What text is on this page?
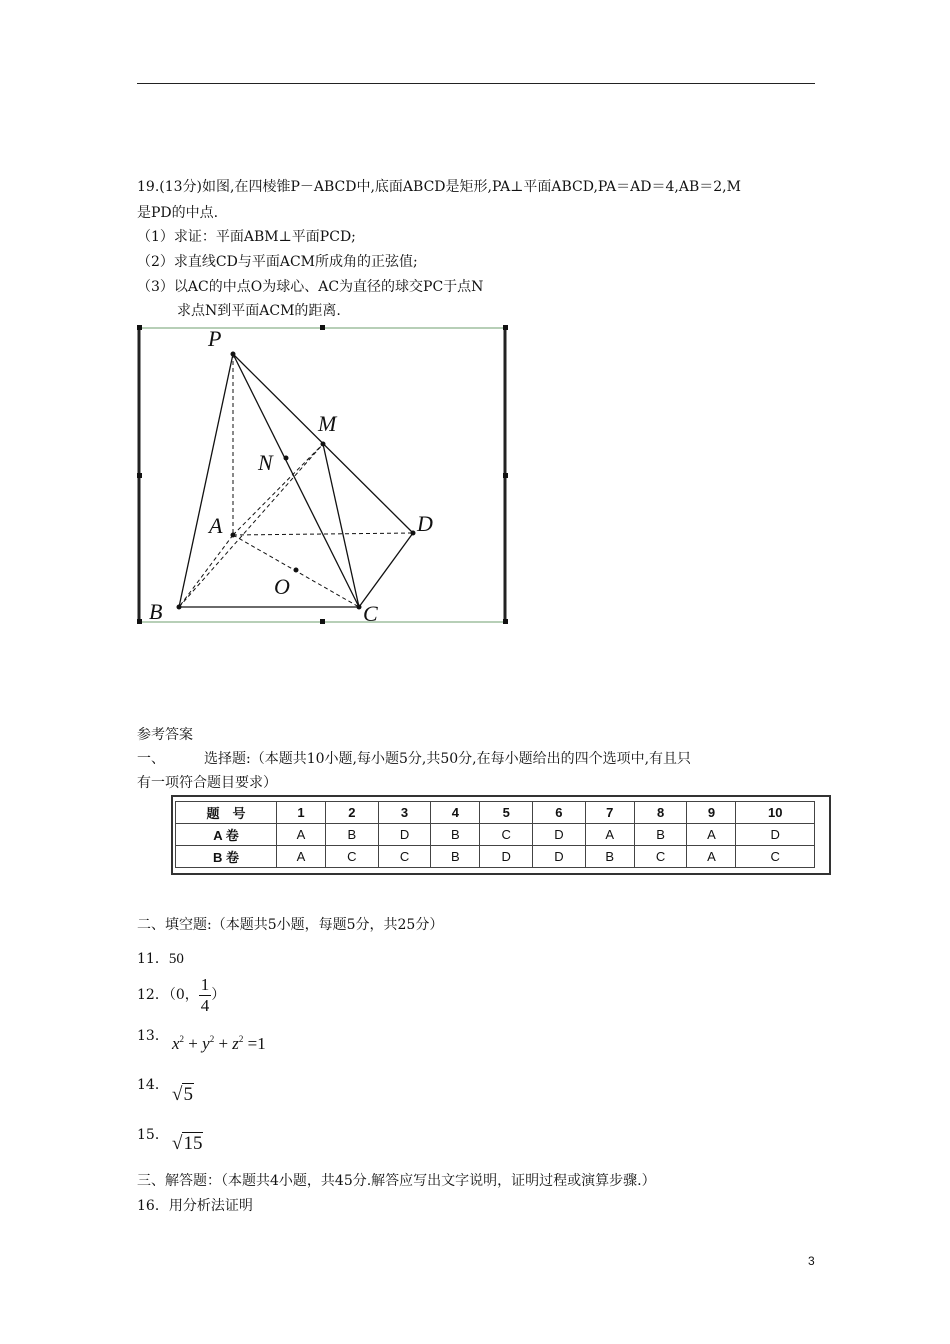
19.(13分)如图,在四棱锥P－ABCD中,底面ABCD是矩形,PA⊥平面ABCD,PA＝AD＝4,AB＝2,M
是PD的中点.
（1）求证：平面ABM⊥平面PCD;
（2）求直线CD与平面ACM所成角的正弦值;
（3）以AC的中点O为球心、AC为直径的球交PC于点N
求点N到平面ACM的距离.
P
M
N
A	D
O
B	C
参考答案
一、	选择题:（本题共10小题,每小题5分,共50分,在每小题给出的四个选项中,有且只
有一项符合题目要求）
题　号	1	2	3	4	5	6	7	8	9	10
A 卷	A	B	D	B	C	D	A	B	A	D
B 卷	A	C	C	B	D	D	B	C	A	C
二、填空题:（本题共5小题，每题5分，共25分）
11．50
12．（0， $\frac{1}{4}$ ）
13． $x^2 + y^2 + z^2 =1$
14． √5
15． √15
三、解答题：（本题共4小题，共45分.解答应写出文字说明，证明过程或演算步骤.）
16．用分析法证明
3
